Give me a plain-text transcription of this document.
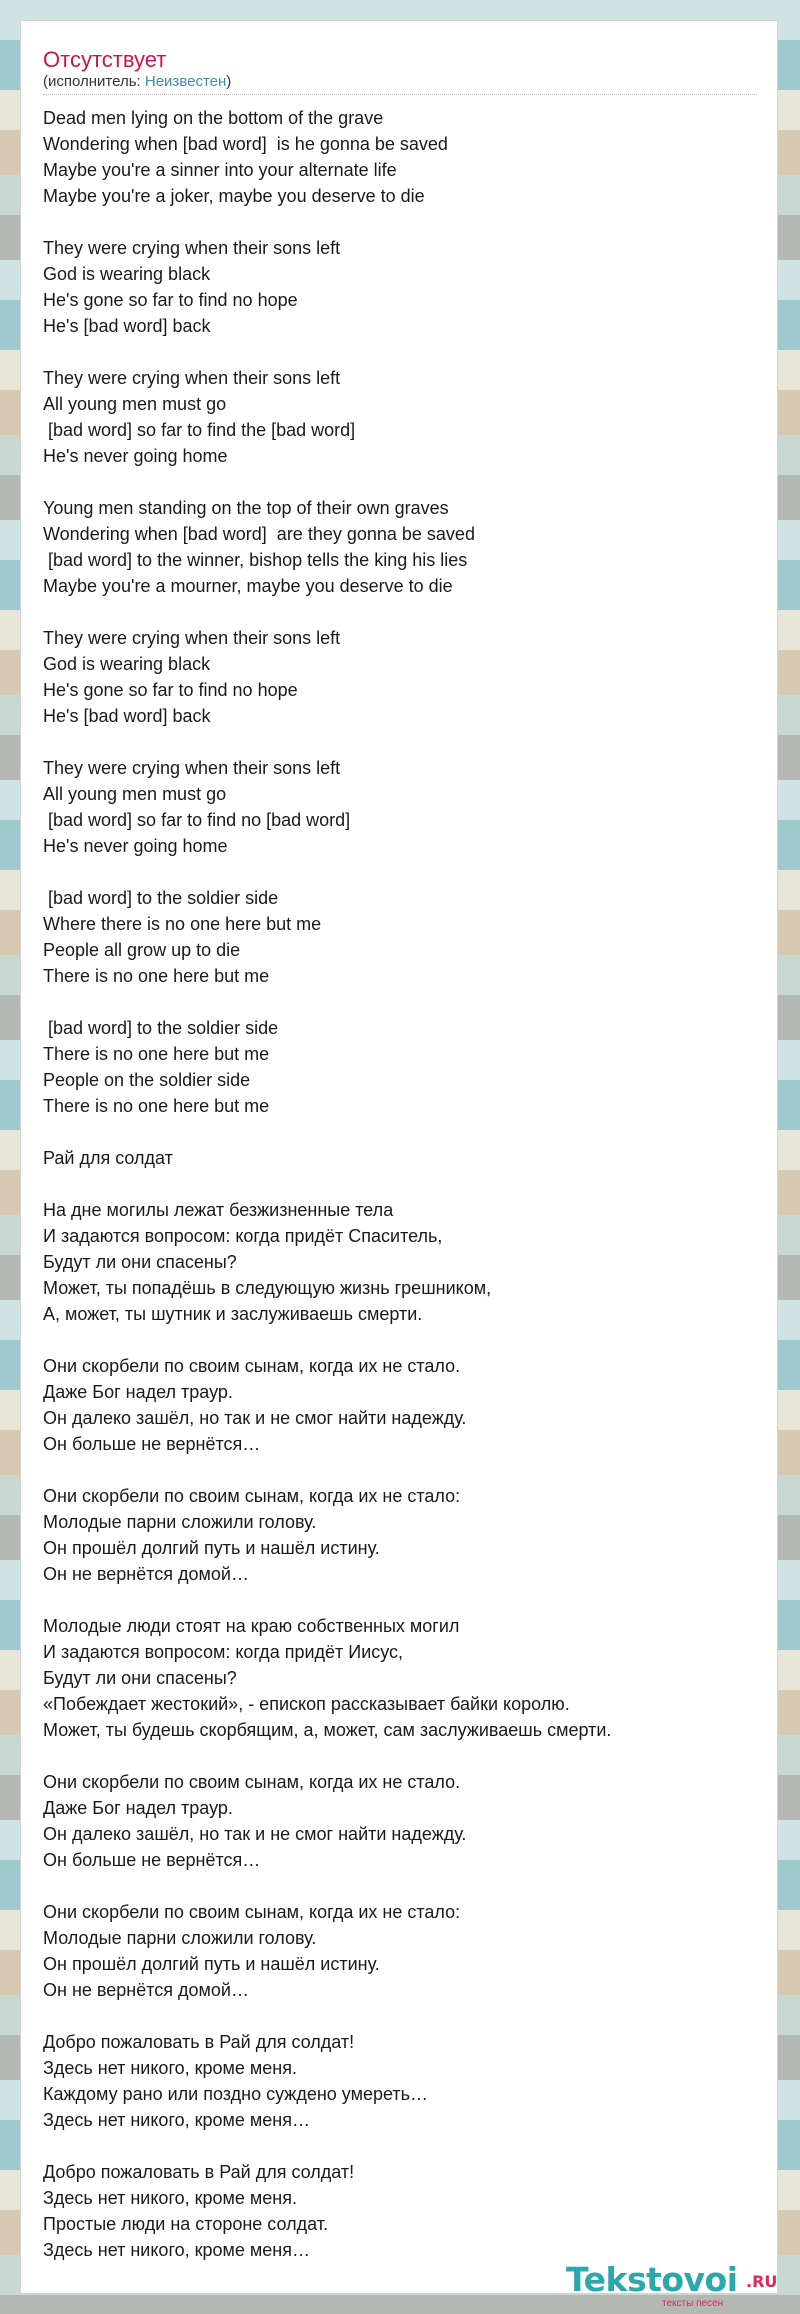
Отсутствует
(исполнитель: Неизвестен)
Dead men lying on the bottom of the grave
Wondering when [bad word]  is he gonna be saved
Maybe you're a sinner into your alternate life
Maybe you're a joker, maybe you deserve to die

They were crying when their sons left
God is wearing black
He's gone so far to find no hope
He's [bad word] back

They were crying when their sons left
All young men must go
[bad word] so far to find the [bad word]
He's never going home

Young men standing on the top of their own graves
Wondering when [bad word]  are they gonna be saved
[bad word] to the winner, bishop tells the king his lies
Maybe you're a mourner, maybe you deserve to die

They were crying when their sons left
God is wearing black
He's gone so far to find no hope
He's [bad word] back

They were crying when their sons left
All young men must go
[bad word] so far to find no [bad word]
He's never going home

[bad word] to the soldier side
Where there is no one here but me
People all grow up to die
There is no one here but me

[bad word] to the soldier side
There is no one here but me
People on the soldier side
There is no one here but me

Рай для солдат

На дне могилы лежат безжизненные тела
И задаются вопросом: когда придёт Спаситель,
Будут ли они спасены?
Может, ты попадёшь в следующую жизнь грешником,
А, может, ты шутник и заслуживаешь смерти.

Они скорбели по своим сынам, когда их не стало.
Даже Бог надел траур.
Он далеко зашёл, но так и не смог найти надежду.
Он больше не вернётся…

Они скорбели по своим сынам, когда их не стало:
Молодые парни сложили голову.
Он прошёл долгий путь и нашёл истину.
Он не вернётся домой…

Молодые люди стоят на краю собственных могил
И задаются вопросом: когда придёт Иисус,
Будут ли они спасены?
«Побеждает жестокий», - епископ рассказывает байки королю.
Может, ты будешь скорбящим, а, может, сам заслуживаешь смерти.

Они скорбели по своим сынам, когда их не стало.
Даже Бог надел траур.
Он далеко зашёл, но так и не смог найти надежду.
Он больше не вернётся…

Они скорбели по своим сынам, когда их не стало:
Молодые парни сложили голову.
Он прошёл долгий путь и нашёл истину.
Он не вернётся домой…

Добро пожаловать в Рай для солдат!
Здесь нет никого, кроме меня.
Каждому рано или поздно суждено умереть…
Здесь нет никого, кроме меня…

Добро пожаловать в Рай для солдат!
Здесь нет никого, кроме меня.
Простые люди на стороне солдат.
Здесь нет никого, кроме меня…
Tekstovoi .RU
тексты песен
